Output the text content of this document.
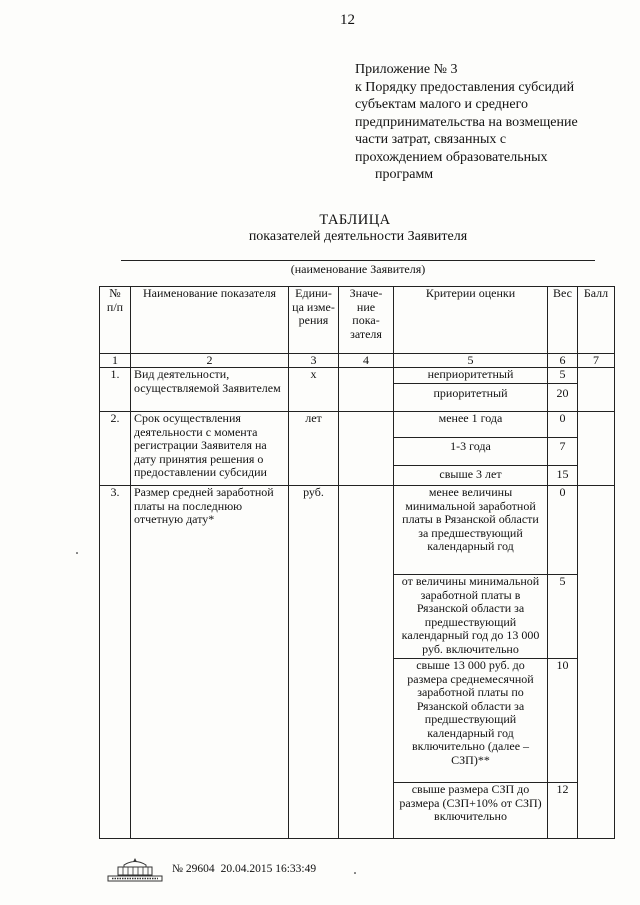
12
Приложение № 3
к Порядку предоставления субсидий
субъектам малого и среднего
предпринимательства на возмещение
части затрат, связанных с
прохождением образовательных
программ
ТАБЛИЦА
показателей деятельности Заявителя
(наименование Заявителя)
№ п/п	Наименование показателя	Едини-ца изме-рения	Значе-ние пока-зателя	Критерии оценки	Вес	Балл
1	2	3	4	5	6	7
1.	Вид деятельности, осуществляемой Заявителем	х		неприоритетный	5	
				приоритетный	20	
2.	Срок осуществления деятельности с момента регистрации Заявителя на дату принятия решения о предоставлении субсидии	лет		менее 1 года	0	
				1-3 года	7	
				свыше 3 лет	15	
3.	Размер средней заработной платы на последнюю отчетную дату*	руб.		менее величины минимальной заработной платы в Рязанской области за предшествующий календарный год	0	
				от величины минимальной заработной платы в Рязанской области за предшествующий календарный год до 13 000 руб. включительно	5	
				свыше 13 000 руб. до размера среднемесячной заработной платы по Рязанской области за предшествующий календарный год включительно (далее – СЗП)**	10	
				свыше размера СЗП до размера (СЗП+10% от СЗП) включительно	12	
№ 29604 20.04.2015 16:33:49
